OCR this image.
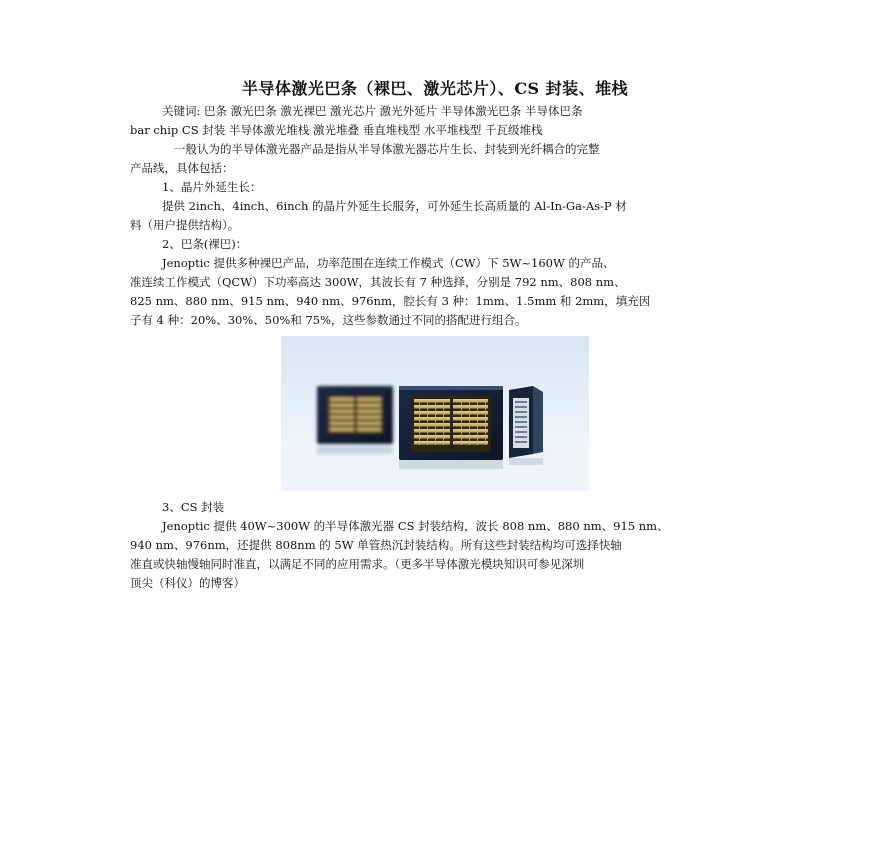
半导体激光巴条（裸巴、激光芯片）、CS 封装、堆栈
关键词: 巴条 激光巴条 激光裸巴 激光芯片 激光外延片 半导体激光巴条 半导体巴条
bar chip CS 封装 半导体激光堆栈 激光堆叠 垂直堆栈型 水平堆栈型 千瓦级堆栈
一般认为的半导体激光器产品是指从半导体激光器芯片生长、封装到光纤耦合的完整
产品线，具体包括：
1、晶片外延生长：
提供 2inch、4inch、6inch 的晶片外延生长服务，可外延生长高质量的 Al-In-Ga-As-P 材
料（用户提供结构）。
2、巴条(裸巴)：
Jenoptic 提供多种裸巴产品，功率范围在连续工作模式（CW）下 5W~160W 的产品、
准连续工作模式（QCW）下功率高达 300W，其波长有 7 种选择，分别是 792 nm、808 nm、
825 nm、880 nm、915 nm、940 nm、976nm，腔长有 3 种：1mm、1.5mm 和 2mm，填充因
子有 4 种：20%、30%、50%和 75%，这些参数通过不同的搭配进行组合。
3、CS 封装
Jenoptic 提供 40W~300W 的半导体激光器 CS 封装结构，波长 808 nm、880 nm、915 nm、
940 nm、976nm，还提供 808nm 的 5W 单管热沉封装结构。所有这些封装结构均可选择快轴
准直或快轴慢轴同时准直，以满足不同的应用需求。（更多半导体激光模块知识可参见深圳
顶尖（科仪）的博客）
